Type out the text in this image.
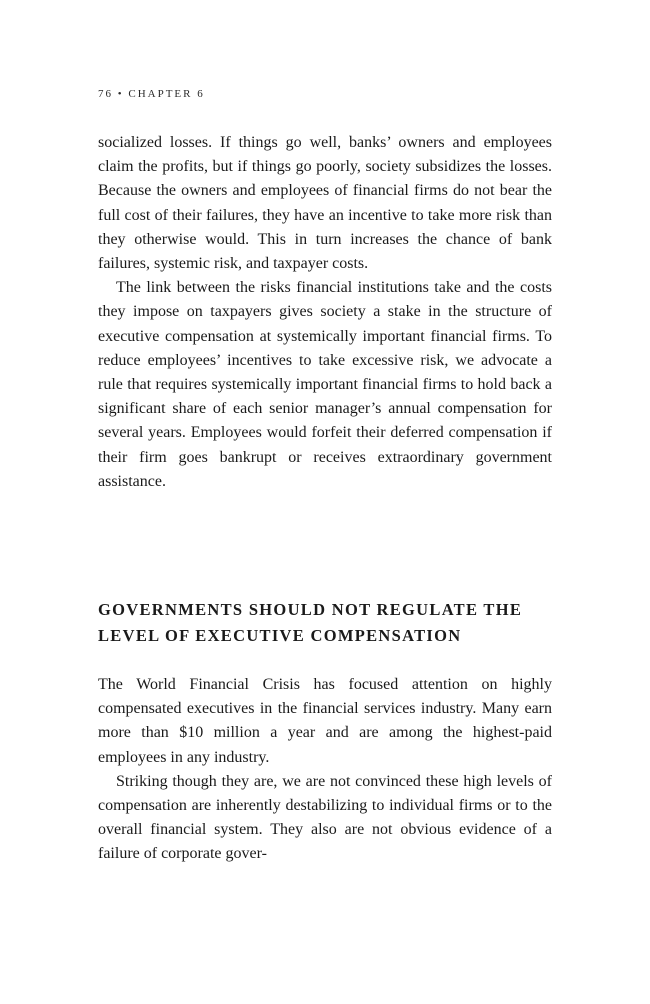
76 • CHAPTER 6

socialized losses. If things go well, banks’ owners and employees claim the profits, but if things go poorly, society subsidizes the losses. Because the owners and employees of financial firms do not bear the full cost of their failures, they have an incentive to take more risk than they otherwise would. This in turn increases the chance of bank failures, systemic risk, and taxpayer costs.

The link between the risks financial institutions take and the costs they impose on taxpayers gives society a stake in the structure of executive compensation at systemically important financial firms. To reduce employees’ incentives to take excessive risk, we advocate a rule that requires systemically important financial firms to hold back a significant share of each senior manager’s annual compensation for several years. Employees would forfeit their deferred compensation if their firm goes bankrupt or receives extraordinary government assistance.

GOVERNMENTS SHOULD NOT REGULATE THE
LEVEL OF EXECUTIVE COMPENSATION

The World Financial Crisis has focused attention on highly compensated executives in the financial services industry. Many earn more than $10 million a year and are among the highest-paid employees in any industry.

Striking though they are, we are not convinced these high levels of compensation are inherently destabilizing to individual firms or to the overall financial system. They also are not obvious evidence of a failure of corporate gover-
